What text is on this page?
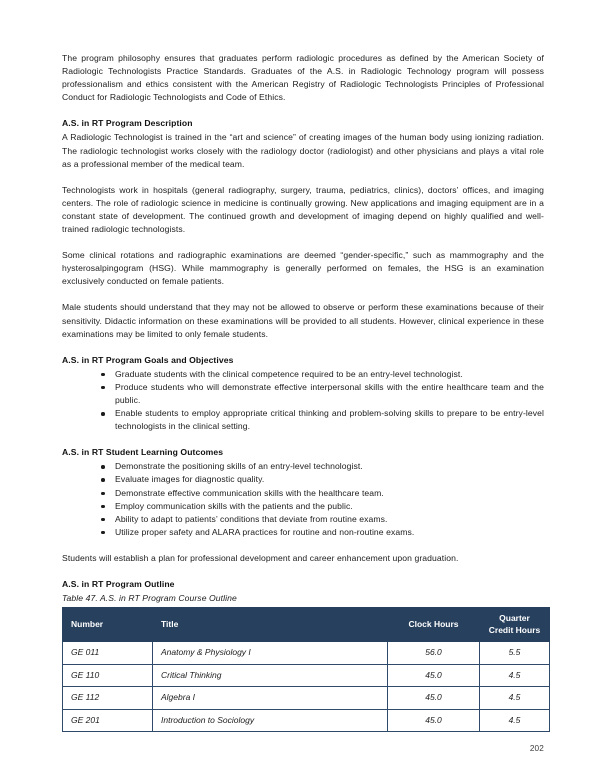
The program philosophy ensures that graduates perform radiologic procedures as defined by the American Society of Radiologic Technologists Practice Standards. Graduates of the A.S. in Radiologic Technology program will possess professionalism and ethics consistent with the American Registry of Radiologic Technologists Principles of Professional Conduct for Radiologic Technologists and Code of Ethics.

A.S. in RT Program Description

A Radiologic Technologist is trained in the “art and science” of creating images of the human body using ionizing radiation. The radiologic technologist works closely with the radiology doctor (radiologist) and other physicians and plays a vital role as a professional member of the medical team.

Technologists work in hospitals (general radiography, surgery, trauma, pediatrics, clinics), doctors’ offices, and imaging centers. The role of radiologic science in medicine is continually growing. New applications and imaging equipment are in a constant state of development. The continued growth and development of imaging depend on highly qualified and well-trained radiologic technologists.

Some clinical rotations and radiographic examinations are deemed “gender-specific,” such as mammography and the hysterosalpingogram (HSG). While mammography is generally performed on females, the HSG is an examination exclusively conducted on female patients.

Male students should understand that they may not be allowed to observe or perform these examinations because of their sensitivity. Didactic information on these examinations will be provided to all students. However, clinical experience in these examinations may be limited to only female students.

A.S. in RT Program Goals and Objectives
Graduate students with the clinical competence required to be an entry-level technologist.
Produce students who will demonstrate effective interpersonal skills with the entire healthcare team and the public.
Enable students to employ appropriate critical thinking and problem-solving skills to prepare to be entry-level technologists in the clinical setting.
A.S. in RT Student Learning Outcomes
Demonstrate the positioning skills of an entry-level technologist.
Evaluate images for diagnostic quality.
Demonstrate effective communication skills with the healthcare team.
Employ communication skills with the patients and the public.
Ability to adapt to patients’ conditions that deviate from routine exams.
Utilize proper safety and ALARA practices for routine and non-routine exams.

Students will establish a plan for professional development and career enhancement upon graduation.

A.S. in RT Program Outline

Table 47. A.S. in RT Program Course Outline

Number	Title	Clock Hours	Quarter Credit Hours
GE 011	Anatomy & Physiology I	56.0	5.5
GE 110	Critical Thinking	45.0	4.5
GE 112	Algebra I	45.0	4.5
GE 201	Introduction to Sociology	45.0	4.5
202
